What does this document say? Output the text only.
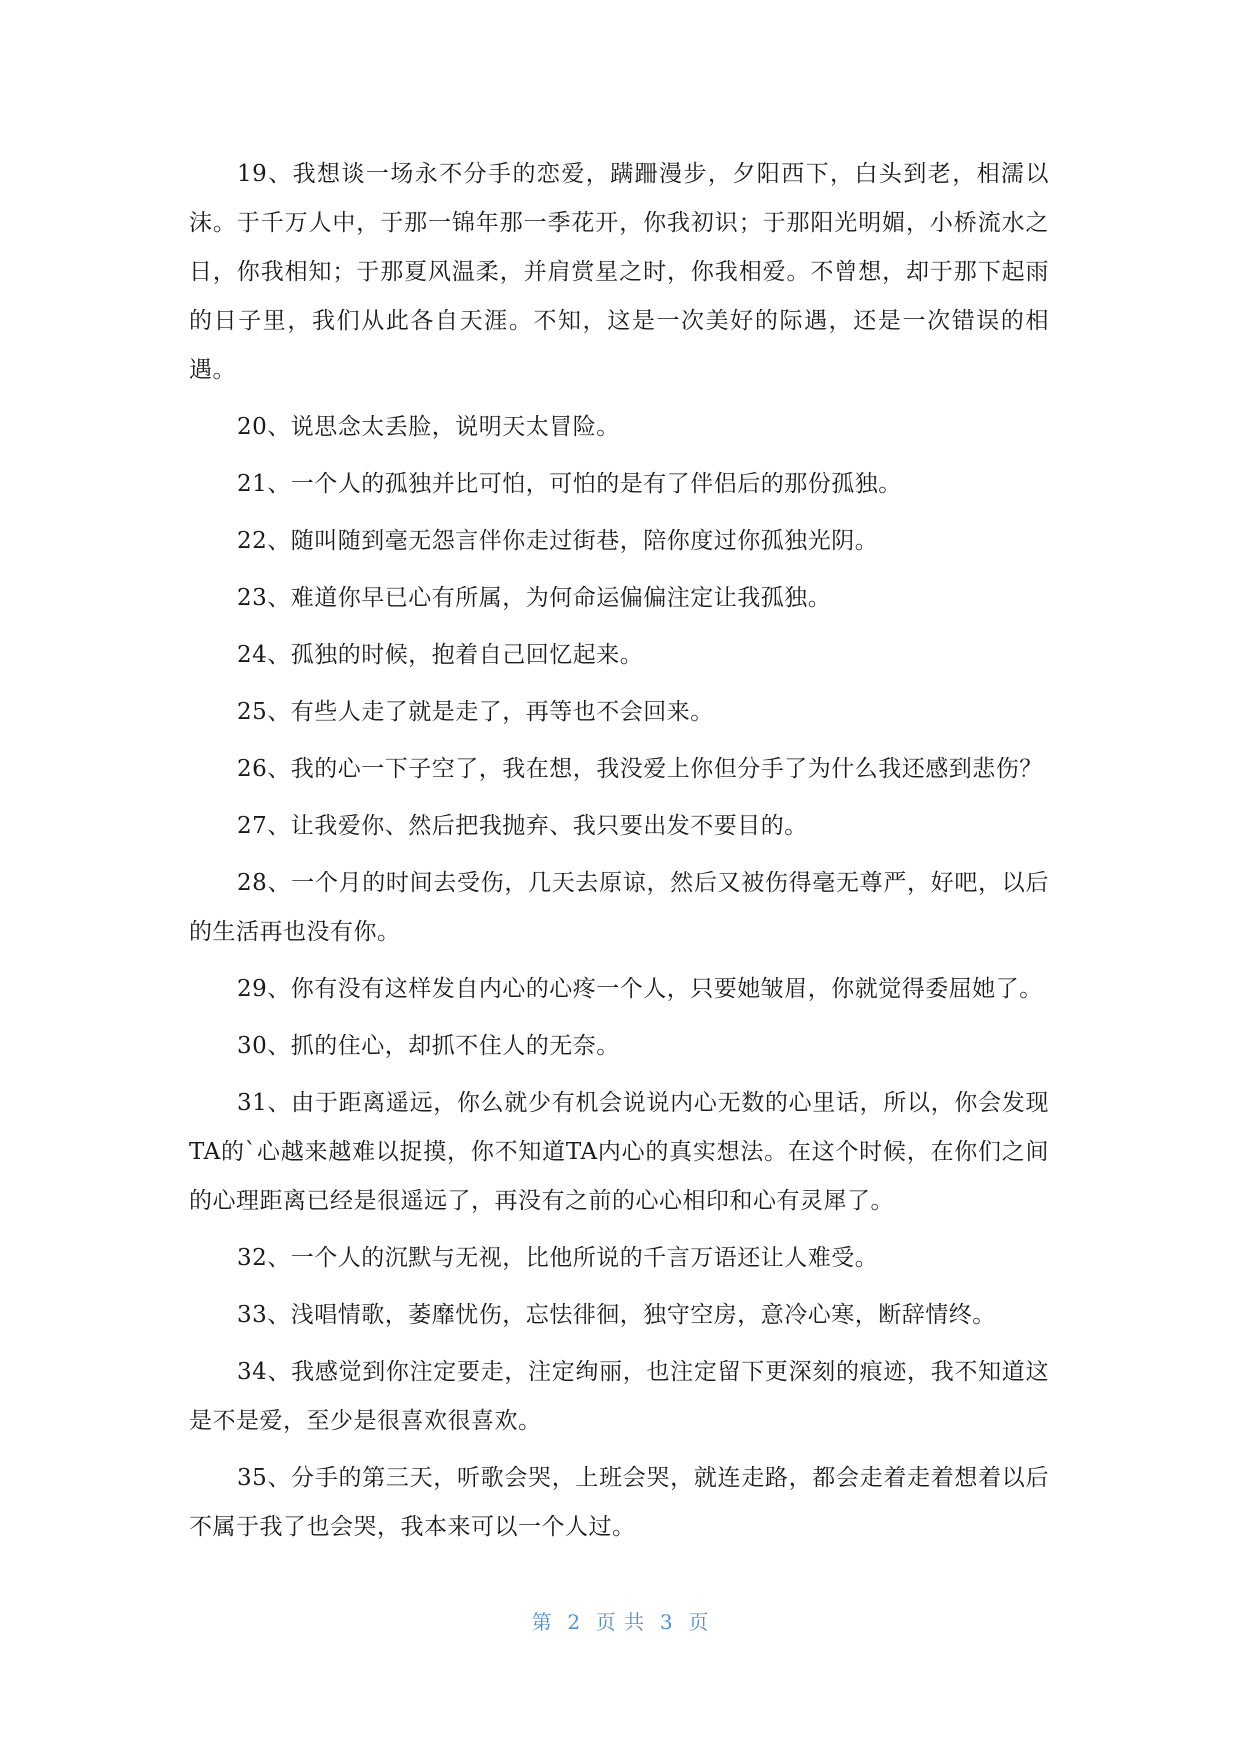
19、我想谈一场永不分手的恋爱，蹒跚漫步，夕阳西下，白头到老，相濡以沫。于千万人中，于那一锦年那一季花开，你我初识；于那阳光明媚，小桥流水之日，你我相知；于那夏风温柔，并肩赏星之时，你我相爱。不曾想，却于那下起雨的日子里，我们从此各自天涯。不知，这是一次美好的际遇，还是一次错误的相遇。

20、说思念太丢脸，说明天太冒险。

21、一个人的孤独并比可怕，可怕的是有了伴侣后的那份孤独。

22、随叫随到毫无怨言伴你走过街巷，陪你度过你孤独光阴。

23、难道你早已心有所属，为何命运偏偏注定让我孤独。

24、孤独的时候，抱着自己回忆起来。

25、有些人走了就是走了，再等也不会回来。

26、我的心一下子空了，我在想，我没爱上你但分手了为什么我还感到悲伤？

27、让我爱你、然后把我抛弃、我只要出发不要目的。

28、一个月的时间去受伤，几天去原谅，然后又被伤得毫无尊严，好吧，以后的生活再也没有你。

29、你有没有这样发自内心的心疼一个人，只要她皱眉，你就觉得委屈她了。

30、抓的住心，却抓不住人的无奈。

31、由于距离遥远，你么就少有机会说说内心无数的心里话，所以，你会发现TA的`心越来越难以捉摸，你不知道TA内心的真实想法。在这个时候，在你们之间的心理距离已经是很遥远了，再没有之前的心心相印和心有灵犀了。

32、一个人的沉默与无视，比他所说的千言万语还让人难受。

33、浅唱情歌，萎靡忧伤，忘怯徘徊，独守空房，意冷心寒，断辞情终。

34、我感觉到你注定要走，注定绚丽，也注定留下更深刻的痕迹，我不知道这是不是爱，至少是很喜欢很喜欢。

35、分手的第三天，听歌会哭，上班会哭，就连走路，都会走着走着想着以后不属于我了也会哭，我本来可以一个人过。

第  2  页 共  3  页
